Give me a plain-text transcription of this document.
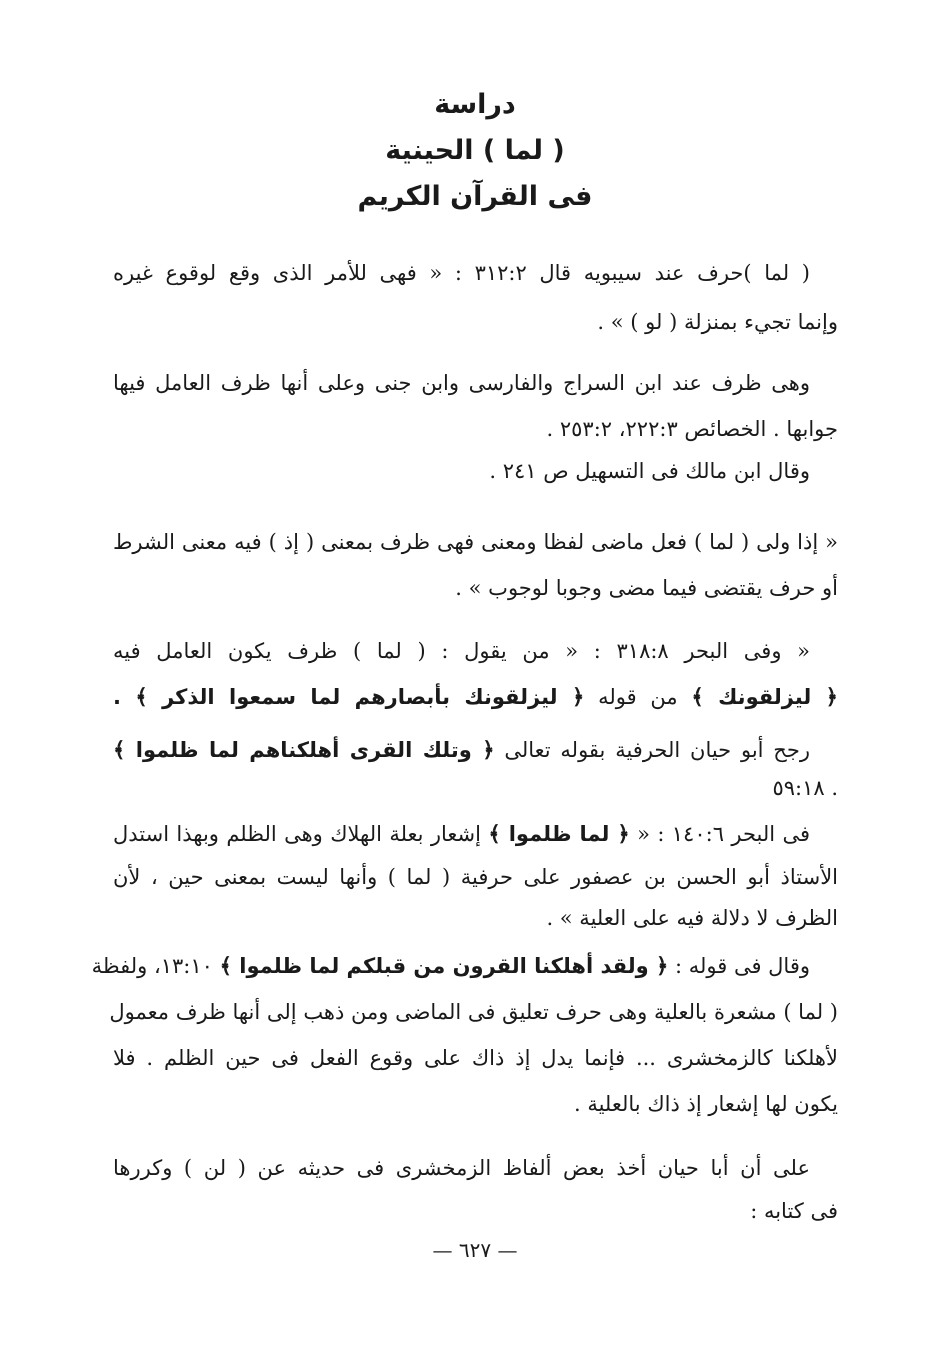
دراسة

( لما ) الحينية

فى القرآن الكريم

( لما )حرف عند سيبويه قال ٣١٢:٢ : « فهى للأمر الذى وقع لوقوع غيره
وإنما تجيء بمنزلة ( لو ) » .
وهى ظرف عند ابن السراج والفارسى وابن جنى وعلى أنها ظرف العامل فيها
جوابها . الخصائص ٢٢٢:٣، ٢٥٣:٢ .
وقال ابن مالك فى التسهيل ص ٢٤١ .
« إذا ولى ( لما ) فعل ماضى لفظا ومعنى فهى ظرف بمعنى ( إذ ) فيه معنى الشرط
أو حرف يقتضى فيما مضى وجوبا لوجوب » .
« وفى البحر ٣١٨:٨ : « من يقول : ( لما ) ظرف يكون العامل فيه
﴿ ليزلقونك ﴾ من قوله ﴿ ليزلقونك بأبصارهم لما سمعوا الذكر ﴾ .
رجح أبو حيان الحرفية بقوله تعالى ﴿ وتلك القرى أهلكناهم لما ظلموا ﴾
. ٥٩:١٨
فى البحر ١٤٠:٦ : « ﴿ لما ظلموا ﴾ إشعار بعلة الهلاك وهى الظلم وبهذا استدل
الأستاذ أبو الحسن بن عصفور على حرفية ( لما ) وأنها ليست بمعنى حين ، لأن
الظرف لا دلالة فيه على العلية » .
وقال فى قوله : ﴿ ولقد أهلكنا القرون من قبلكم لما ظلموا ﴾ ١٣:١٠، ولفظة
( لما ) مشعرة بالعلية وهى حرف تعليق فى الماضى ومن ذهب إلى أنها ظرف معمول
لأهلكنا كالزمخشرى ... فإنما يدل إذ ذاك على وقوع الفعل فى حين الظلم . فلا
يكون لها إشعار إذ ذاك بالعلية .
على أن أبا حيان أخذ بعض ألفاظ الزمخشرى فى حديثه عن ( لن ) وكررها
فى كتابه :
— ٦٢٧ —
